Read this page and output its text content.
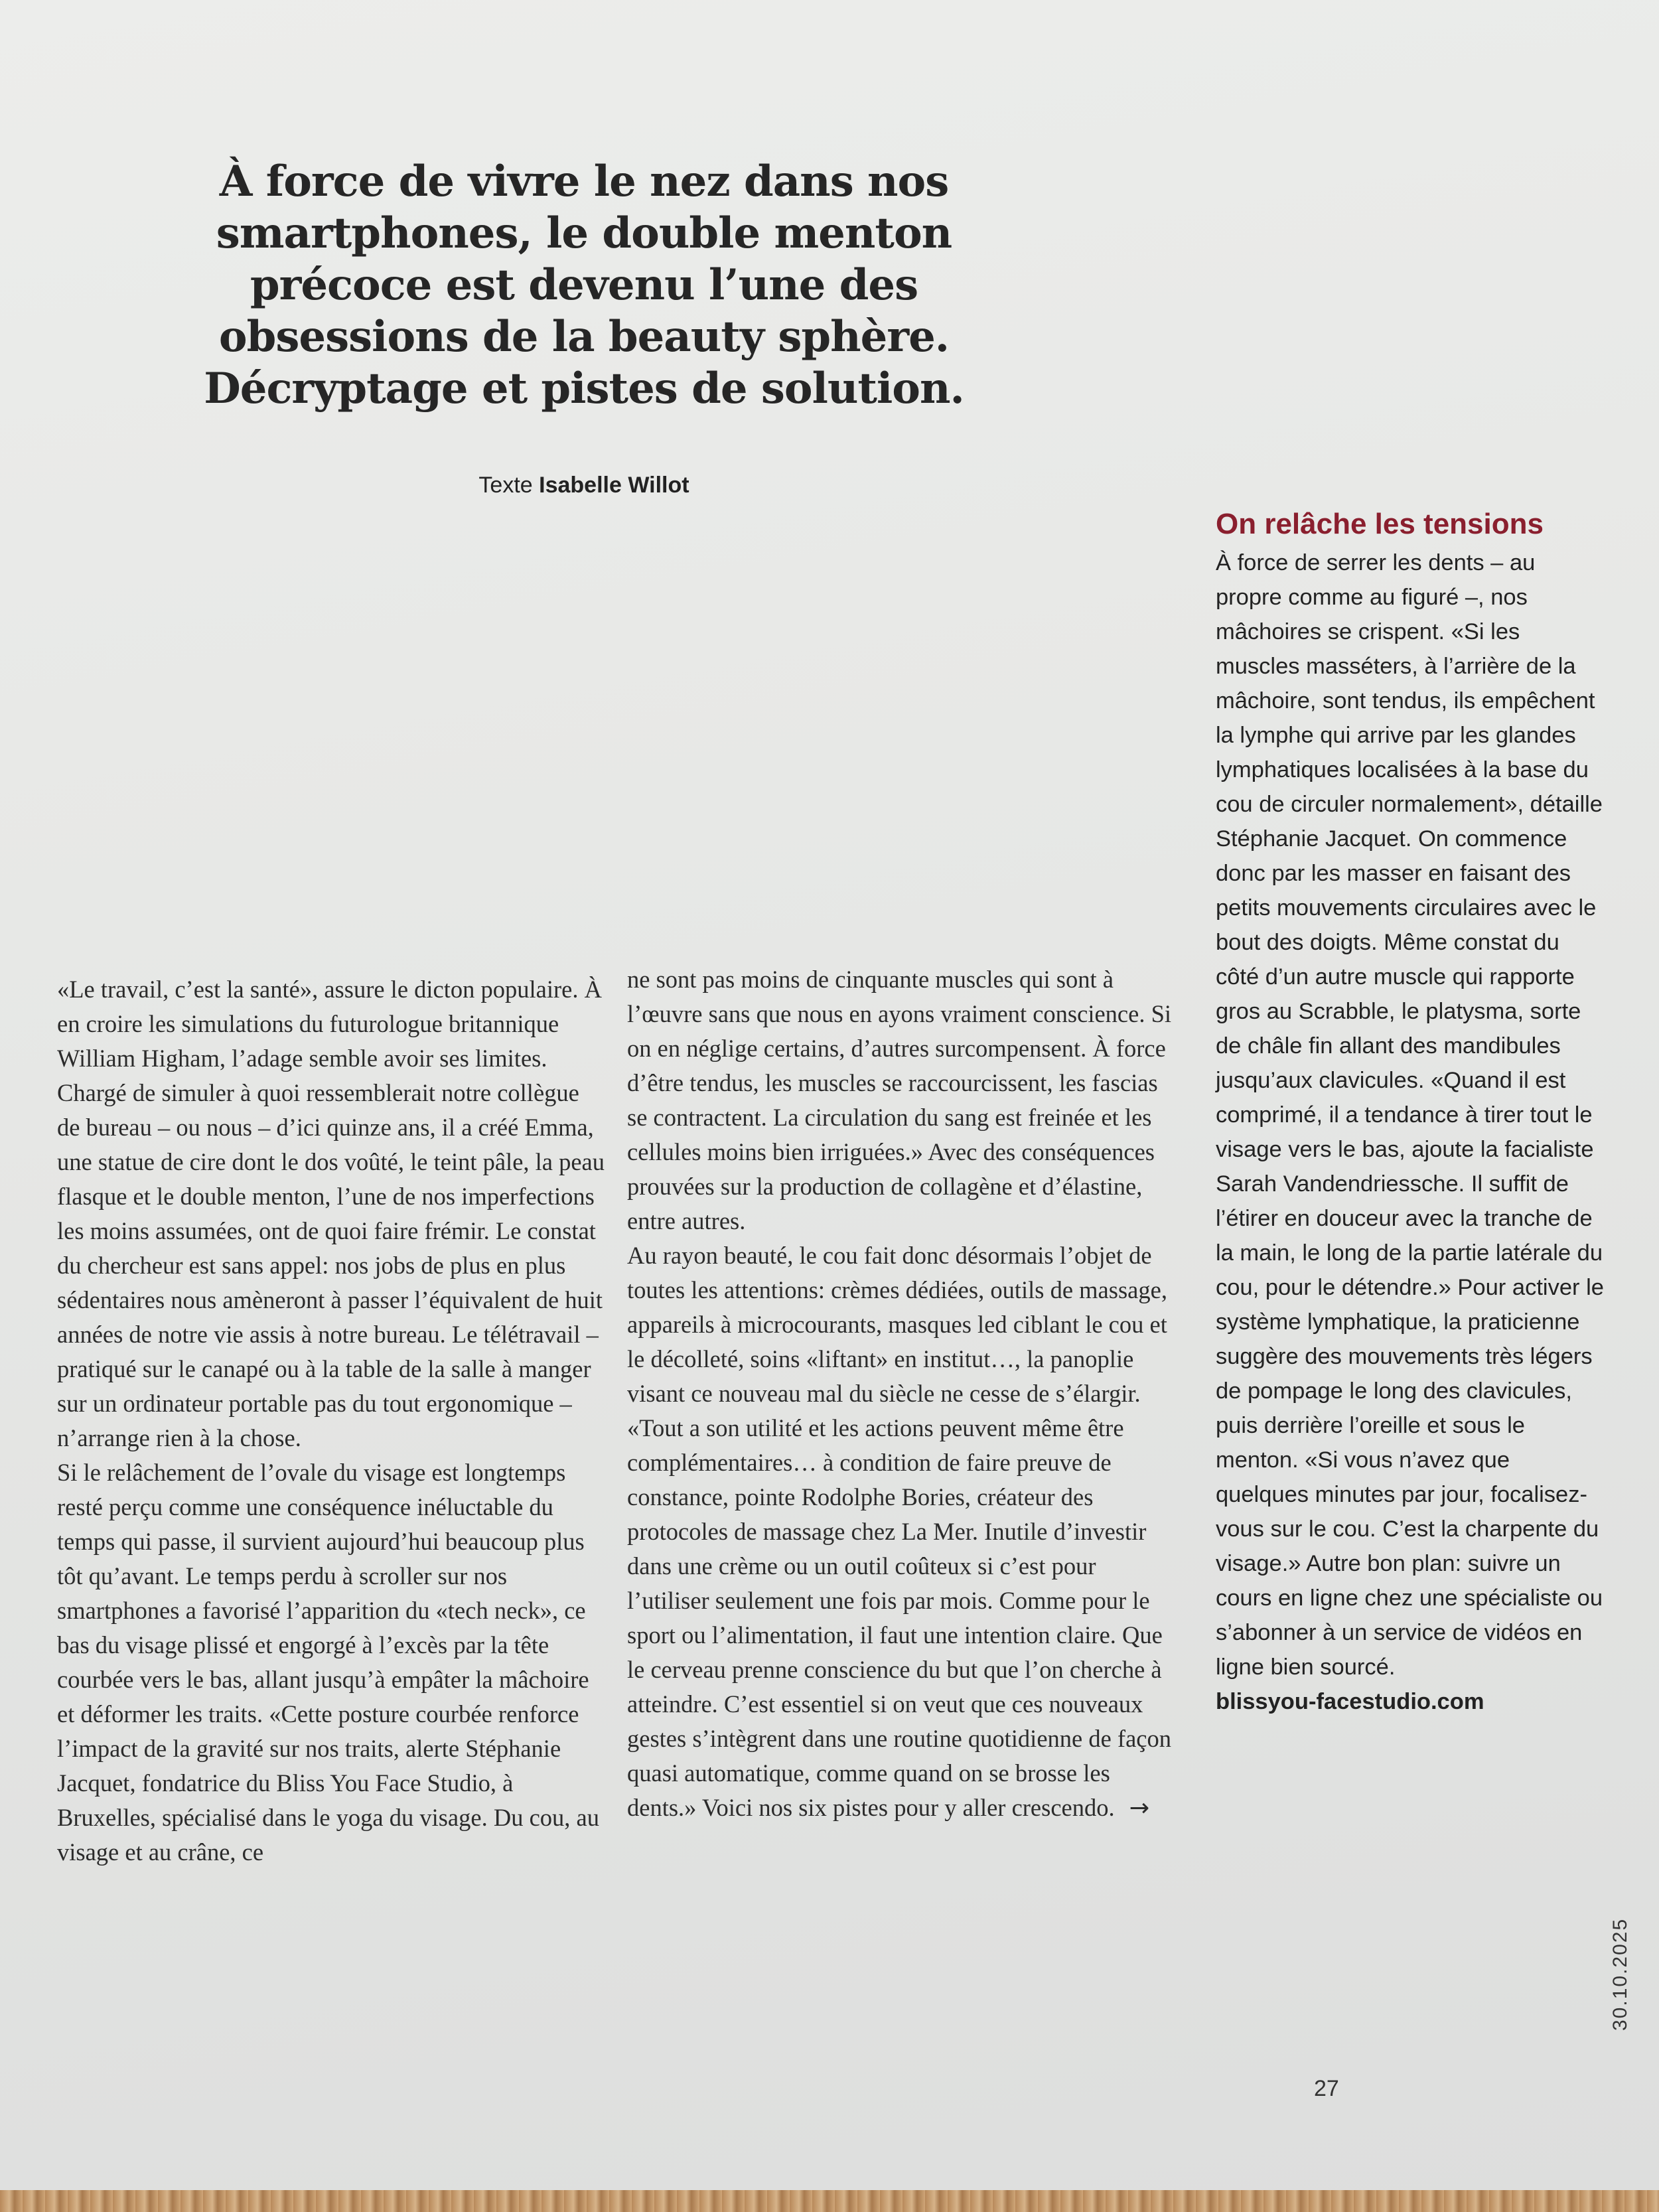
À force de vivre le nez dans nos smartphones, le double menton précoce est devenu l’une des obsessions de la beauty sphère. Décryptage et pistes de solution.
Texte Isabelle Willot

«Le travail, c’est la santé», assure le dicton populaire. À en croire les simulations du futurologue britannique William Higham, l’adage semble avoir ses limites. Chargé de simuler à quoi ressemblerait notre collègue de bureau – ou nous – d’ici quinze ans, il a créé Emma, une statue de cire dont le dos voûté, le teint pâle, la peau flasque et le double menton, l’une de nos imperfections les moins assumées, ont de quoi faire frémir. Le constat du chercheur est sans appel: nos jobs de plus en plus sédentaires nous amèneront à passer l’équivalent de huit années de notre vie assis à notre bureau. Le télétravail – pratiqué sur le canapé ou à la table de la salle à manger sur un ordinateur portable pas du tout ergonomique – n’arrange rien à la chose.

Si le relâchement de l’ovale du visage est longtemps resté perçu comme une conséquence inéluctable du temps qui passe, il survient aujourd’hui beaucoup plus tôt qu’avant. Le temps perdu à scroller sur nos smartphones a favorisé l’apparition du «tech neck», ce bas du visage plissé et engorgé à l’excès par la tête courbée vers le bas, allant jusqu’à empâter la mâchoire et déformer les traits. «Cette posture courbée renforce l’impact de la gravité sur nos traits, alerte Stéphanie Jacquet, fondatrice du Bliss You Face Studio, à Bruxelles, spécialisé dans le yoga du visage. Du cou, au visage et au crâne, ce

ne sont pas moins de cinquante muscles qui sont à l’œuvre sans que nous en ayons vraiment conscience. Si on en néglige certains, d’autres surcompensent. À force d’être tendus, les muscles se raccourcissent, les fascias se contractent. La circulation du sang est freinée et les cellules moins bien irriguées.» Avec des conséquences prouvées sur la production de collagène et d’élastine, entre autres.

Au rayon beauté, le cou fait donc désormais l’objet de toutes les attentions: crèmes dédiées, outils de massage, appareils à microcourants, masques led ciblant le cou et le décolleté, soins «liftant» en institut…, la panoplie visant ce nouveau mal du siècle ne cesse de s’élargir. «Tout a son utilité et les actions peuvent même être complémentaires… à condition de faire preuve de constance, pointe Rodolphe Bories, créateur des protocoles de massage chez La Mer. Inutile d’investir dans une crème ou un outil coûteux si c’est pour l’utiliser seulement une fois par mois. Comme pour le sport ou l’alimentation, il faut une intention claire. Que le cerveau prenne conscience du but que l’on cherche à atteindre. C’est essentiel si on veut que ces nouveaux gestes s’intègrent dans une routine quotidienne de façon quasi automatique, comme quand on se brosse les dents.» Voici nos six pistes pour y aller crescendo. →

On relâche les tensions

À force de serrer les dents – au propre comme au figuré –, nos mâchoires se crispent. «Si les muscles masséters, à l’arrière de la mâchoire, sont tendus, ils empêchent la lymphe qui arrive par les glandes lymphatiques localisées à la base du cou de circuler normalement», détaille Stéphanie Jacquet. On commence donc par les masser en faisant des petits mouvements circulaires avec le bout des doigts. Même constat du côté d’un autre muscle qui rapporte gros au Scrabble, le platysma, sorte de châle fin allant des mandibules jusqu’aux clavicules. «Quand il est comprimé, il a tendance à tirer tout le visage vers le bas, ajoute la facialiste Sarah Vandendriessche. Il suffit de l’étirer en douceur avec la tranche de la main, le long de la partie latérale du cou, pour le détendre.» Pour activer le système lymphatique, la praticienne suggère des mouvements très légers de pompage le long des clavicules, puis derrière l’oreille et sous le menton. «Si vous n’avez que quelques minutes par jour, focalisez-vous sur le cou. C’est la charpente du visage.» Autre bon plan: suivre un cours en ligne chez une spécialiste ou s’abonner à un service de vidéos en ligne bien sourcé.

blissyou-facestudio.com

27
30.10.2025
